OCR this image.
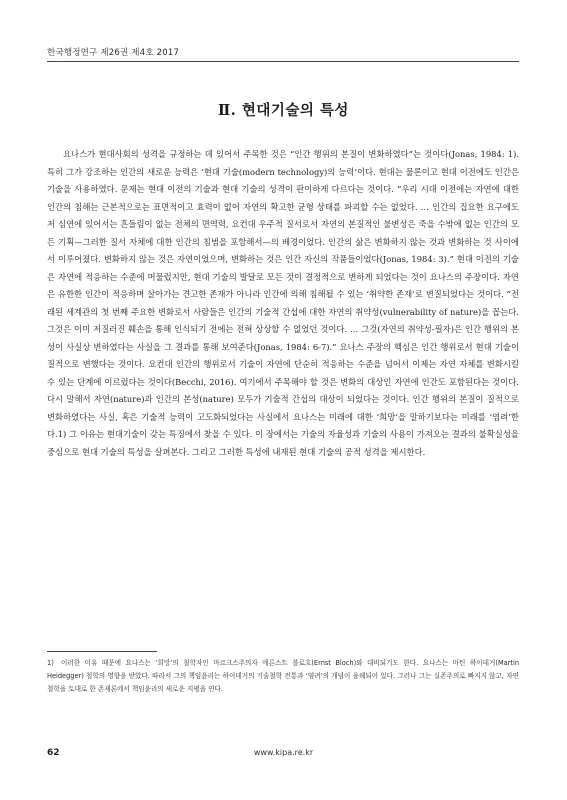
한국행정연구 제26권 제4호 2017
Ⅱ. 현대기술의 특성

요나스가 현대사회의 성격을 규정하는 데 있어서 주목한 것은 “인간 행위의 본질이 변화하였다”는 것이다(Jonas, 1984: 1). 특히 그가 강조하는 인간의 새로운 능력은 ‘현대 기술(modern technology)의 능력’이다. 현대는 물론이고 현대 이전에도 인간은 기술을 사용하였다. 문제는 현대 이전의 기술과 현대 기술의 성격이 판이하게 다르다는 것이다. “우리 시대 이전에는 자연에 대한 인간의 침해는 근본적으로는 표면적이고 효력이 없어 자연의 확고한 균형 상태를 파괴할 수는 없었다. … 인간의 집요한 요구에도 저 심연에 있어서는 흔들림이 없는 전체의 면역력, 요컨대 우주적 질서로서 자연의 본질적인 불변성은 죽을 수밖에 없는 인간의 모든 기획—그러한 질서 자체에 대한 인간의 침범을 포함해서—의 배경이었다. 인간의 삶은 변화하지 않는 것과 변화하는 것 사이에서 이루어졌다. 변화하지 않는 것은 자연이었으며, 변화하는 것은 인간 자신의 작품들이었다(Jonas, 1984: 3).” 현대 이전의 기술은 자연에 적응하는 수준에 머물렀지만, 현대 기술의 발달로 모든 것이 결정적으로 변하게 되었다는 것이 요나스의 주장이다. 자연은 유한한 인간이 적응하며 살아가는 견고한 존재가 아니라 인간에 의해 침해될 수 있는 ‘취약한 존재’로 변질되었다는 것이다. “전래된 세계관의 첫 번째 주요한 변화로서 사람들은 인간의 기술적 간섭에 대한 자연의 취약성(vulnerability of nature)을 꼽는다. 그것은 이미 저질러진 훼손을 통해 인식되기 전에는 전혀 상상할 수 없었던 것이다. … 그것(자연의 취약성-필자)은 인간 행위의 본성이 사실상 변하였다는 사실을 그 결과를 통해 보여준다(Jonas, 1984: 6-7).” 요나스 주장의 핵심은 인간 행위로서 현대 기술이 질적으로 변했다는 것이다. 요컨대 인간의 행위로서 기술이 자연에 단순히 적응하는 수준을 넘어서 이제는 자연 자체를 변화시킬 수 있는 단계에 이르렀다는 것이다(Becchi, 2016). 여기에서 주목해야 할 것은 변화의 대상인 자연에 인간도 포함된다는 것이다. 다시 말해서 자연(nature)과 인간의 본성(nature) 모두가 기술적 간섭의 대상이 되었다는 것이다. 인간 행위의 본질이 질적으로 변화하였다는 사실, 혹은 기술적 능력이 고도화되었다는 사실에서 요나스는 미래에 대한 ‘희망’을 말하기보다는 미래를 ‘염려’한다.1) 그 이유는 현대기술이 갖는 특징에서 찾을 수 있다. 이 장에서는 기술의 자율성과 기술의 사용이 가져오는 결과의 불확실성을 중심으로 현대 기술의 특성을 살펴본다. 그리고 그러한 특성에 내재된 현대 기술의 공적 성격을 제시한다.

1) 이러한 이유 때문에 요나스는 ‘희망’의 철학자인 마르크스주의자 에른스트 블로흐(Ernst Bloch)와 대비되기도 한다. 요나스는 마틴 하이데거(Martin Heidegger) 철학의 영향을 받았다. 따라서 그의 책임윤리는 하이데거의 기술철학 전통과 ‘염려’의 개념이 융해되어 있다. 그러나 그는 실존주의로 빠지지 않고, 자연철학을 토대로 한 존재론에서 책임윤리의 새로운 지평을 연다.
62	www.kipa.re.kr
